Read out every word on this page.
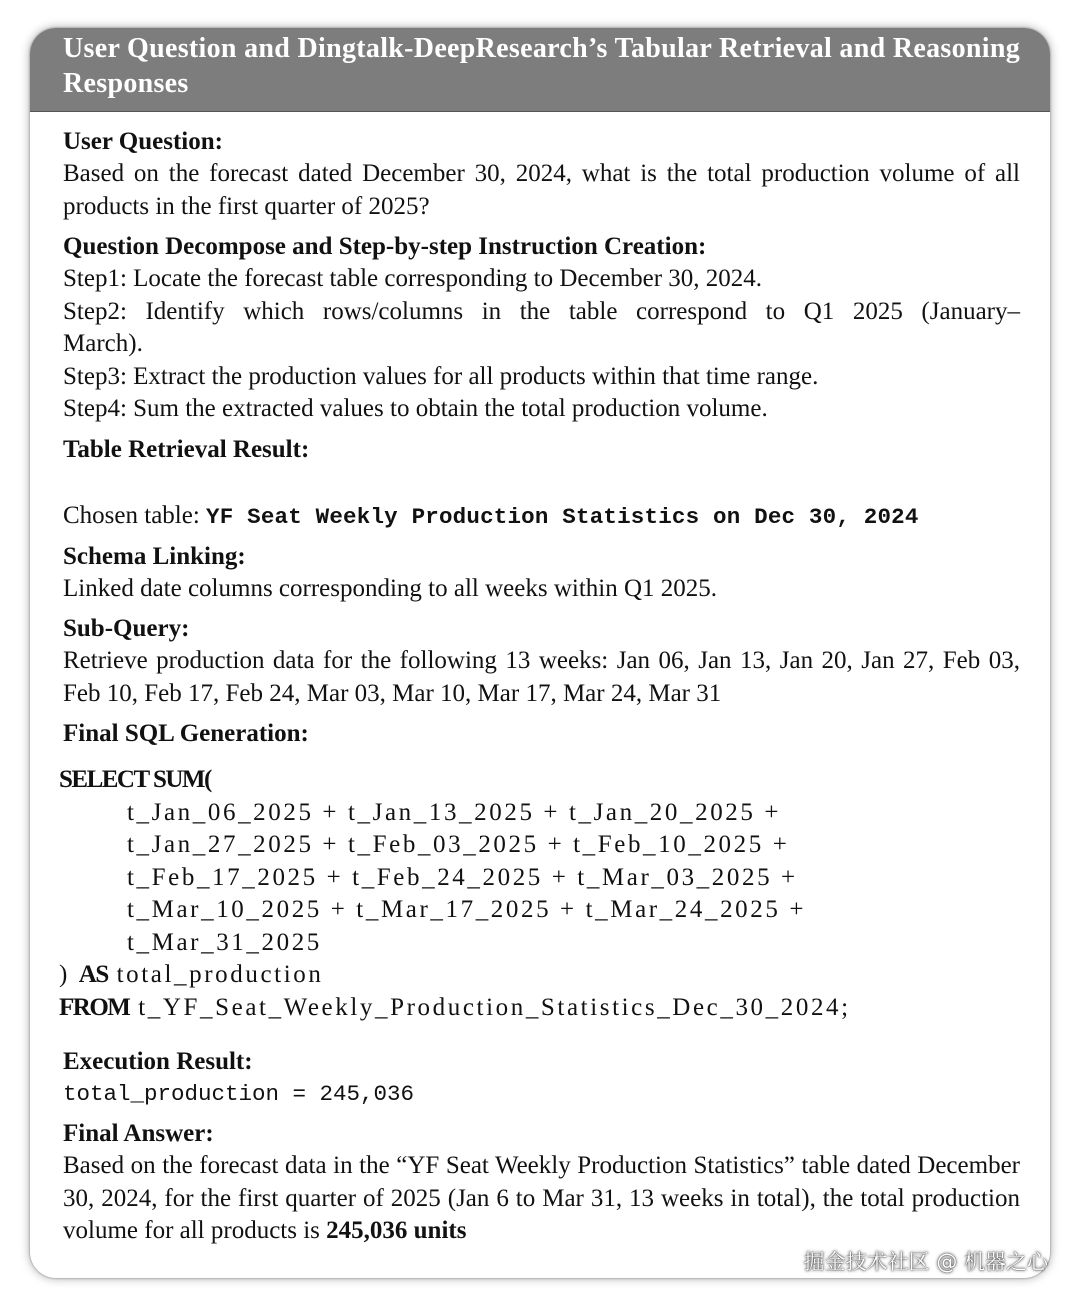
User Question and Dingtalk-DeepResearch’s Tabular Retrieval and Reasoning Responses
User Question:
Based on the forecast dated December 30, 2024, what is the total production volume of all products in the first quarter of 2025?
Question Decompose and Step-by-step Instruction Creation:
Step1: Locate the forecast table corresponding to December 30, 2024.
Step2: Identify which rows/columns in the table correspond to Q1 2025 (January–March).
Step3: Extract the production values for all products within that time range.
Step4: Sum the extracted values to obtain the total production volume.
Table Retrieval Result:
Chosen table: YF Seat Weekly Production Statistics on Dec 30, 2024
Schema Linking:
Linked date columns corresponding to all weeks within Q1 2025.
Sub-Query:
Retrieve production data for the following 13 weeks: Jan 06, Jan 13, Jan 20, Jan 27, Feb 03, Feb 10, Feb 17, Feb 24, Mar 03, Mar 10, Mar 17, Mar 24, Mar 31
Final SQL Generation:
SELECT SUM(
t_Jan_06_2025 + t_Jan_13_2025 + t_Jan_20_2025 +
t_Jan_27_2025 + t_Feb_03_2025 + t_Feb_10_2025 +
t_Feb_17_2025 + t_Feb_24_2025 + t_Mar_03_2025 +
t_Mar_10_2025 + t_Mar_17_2025 + t_Mar_24_2025 +
t_Mar_31_2025
) AS total_production
FROM t_YF_Seat_Weekly_Production_Statistics_Dec_30_2024;
Execution Result:
total_production = 245,036
Final Answer:
Based on the forecast data in the “YF Seat Weekly Production Statistics” table dated December 30, 2024, for the first quarter of 2025 (Jan 6 to Mar 31, 13 weeks in total), the total production volume for all products is 245,036 units
掘金技术社区 @ 机器之心
